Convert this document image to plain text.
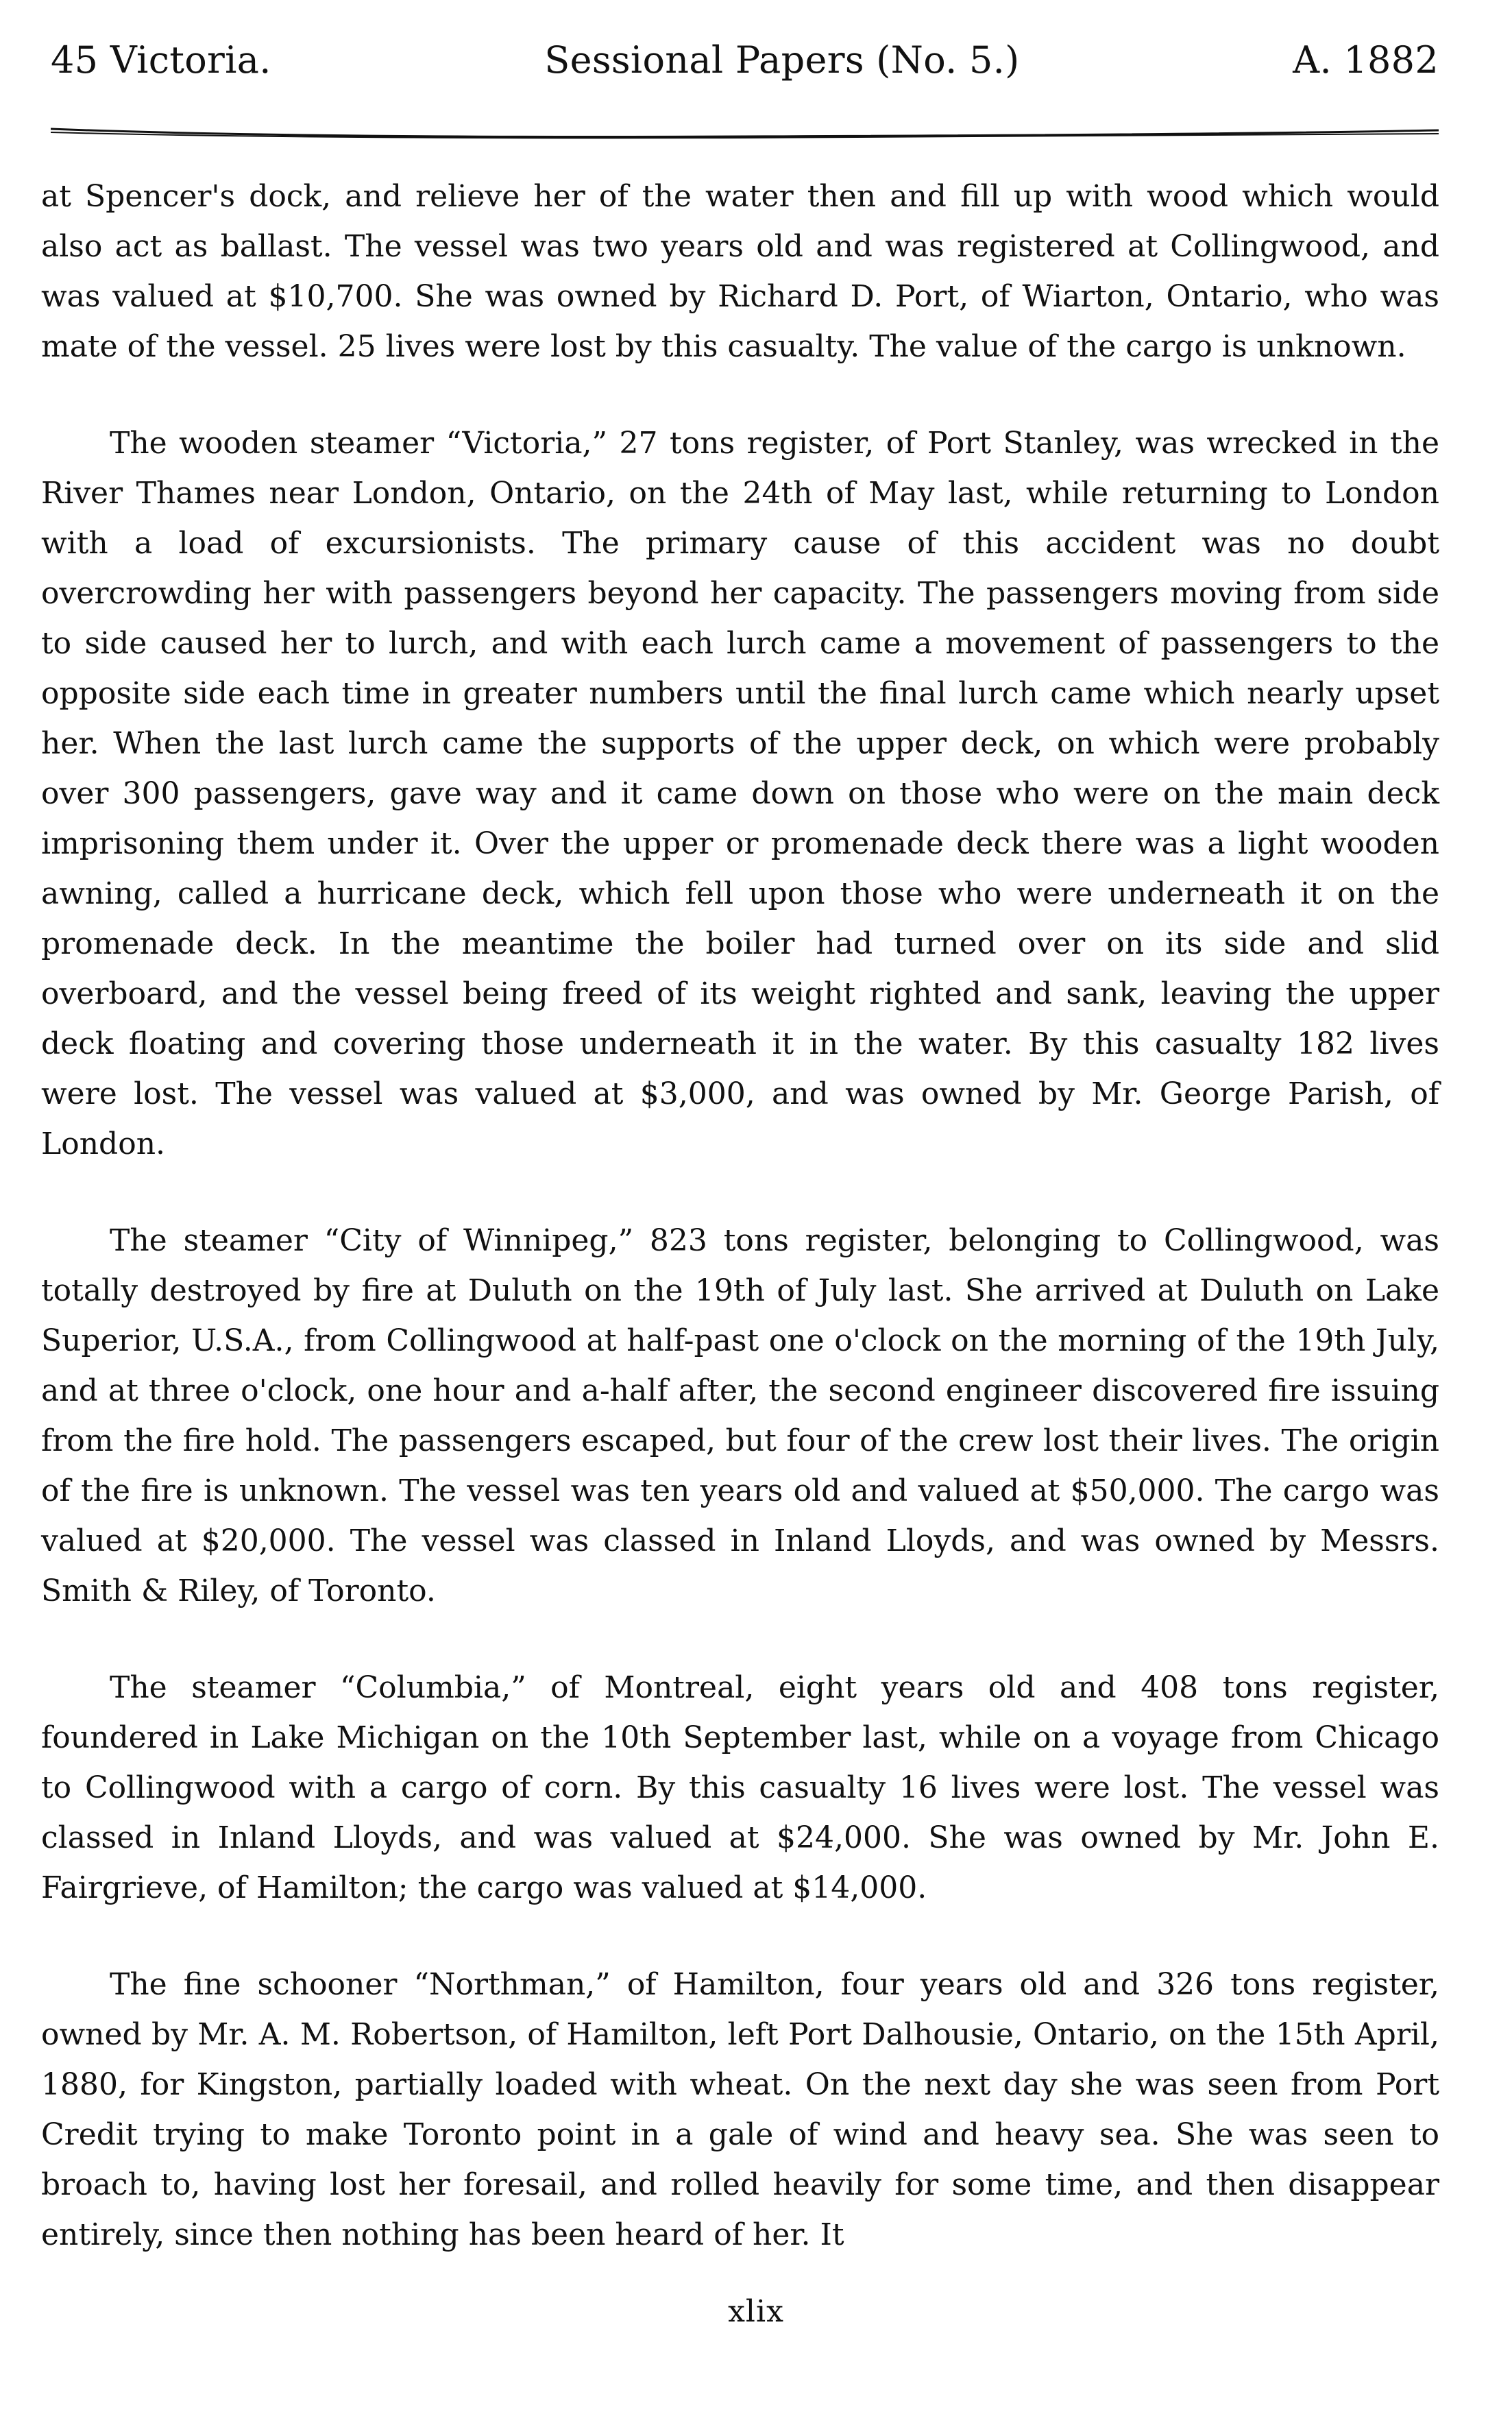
45 Victoria.	Sessional Papers (No. 5.)	A. 1882

at Spencer's dock, and relieve her of the water then and fill up with wood which would also act as ballast. The vessel was two years old and was registered at Collingwood, and was valued at $10,700. She was owned by Richard D. Port, of Wiarton, Ontario, who was mate of the vessel. 25 lives were lost by this casualty. The value of the cargo is unknown.

The wooden steamer “Victoria,” 27 tons register, of Port Stanley, was wrecked in the River Thames near London, Ontario, on the 24th of May last, while returning to London with a load of excursionists. The primary cause of this accident was no doubt overcrowding her with passengers beyond her capacity. The passengers moving from side to side caused her to lurch, and with each lurch came a movement of passengers to the opposite side each time in greater numbers until the final lurch came which nearly upset her. When the last lurch came the supports of the upper deck, on which were probably over 300 passengers, gave way and it came down on those who were on the main deck imprisoning them under it. Over the upper or promenade deck there was a light wooden awning, called a hurricane deck, which fell upon those who were underneath it on the promenade deck. In the meantime the boiler had turned over on its side and slid overboard, and the vessel being freed of its weight righted and sank, leaving the upper deck floating and covering those underneath it in the water. By this casualty 182 lives were lost. The vessel was valued at $3,000, and was owned by Mr. George Parish, of London.

The steamer “City of Winnipeg,” 823 tons register, belonging to Collingwood, was totally destroyed by fire at Duluth on the 19th of July last. She arrived at Duluth on Lake Superior, U.S.A., from Collingwood at half-past one o'clock on the morning of the 19th July, and at three o'clock, one hour and a-half after, the second engineer discovered fire issuing from the fire hold. The passengers escaped, but four of the crew lost their lives. The origin of the fire is unknown. The vessel was ten years old and valued at $50,000. The cargo was valued at $20,000. The vessel was classed in Inland Lloyds, and was owned by Messrs. Smith & Riley, of Toronto.

The steamer “Columbia,” of Montreal, eight years old and 408 tons register, foundered in Lake Michigan on the 10th September last, while on a voyage from Chicago to Collingwood with a cargo of corn. By this casualty 16 lives were lost. The vessel was classed in Inland Lloyds, and was valued at $24,000. She was owned by Mr. John E. Fairgrieve, of Hamilton; the cargo was valued at $14,000.

The fine schooner “Northman,” of Hamilton, four years old and 326 tons register, owned by Mr. A. M. Robertson, of Hamilton, left Port Dalhousie, Ontario, on the 15th April, 1880, for Kingston, partially loaded with wheat. On the next day she was seen from Port Credit trying to make Toronto point in a gale of wind and heavy sea. She was seen to broach to, having lost her foresail, and rolled heavily for some time, and then disappear entirely, since then nothing has been heard of her. It

xlix
